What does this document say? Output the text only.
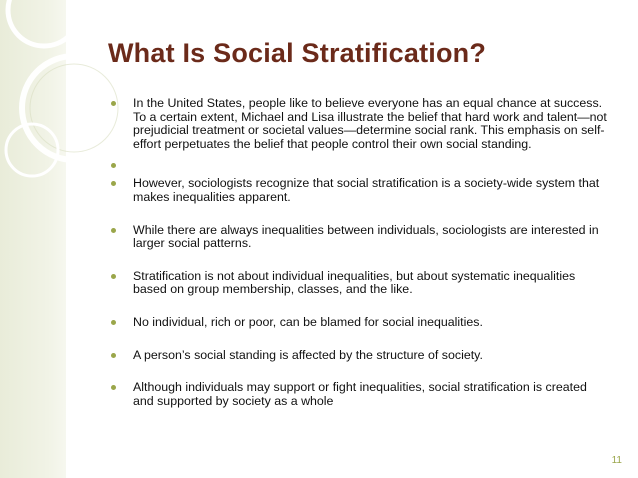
What Is Social Stratification?
In the United States, people like to believe everyone has an equal chance at success. To a certain extent, Michael and Lisa illustrate the belief that hard work and talent—not prejudicial treatment or societal values—determine social rank. This emphasis on self-effort perpetuates the belief that people control their own social standing.
However, sociologists recognize that social stratification is a society-wide system that makes inequalities apparent.
While there are always inequalities between individuals, sociologists are interested in larger social patterns.
Stratification is not about individual inequalities, but about systematic inequalities based on group membership, classes, and the like.
No individual, rich or poor, can be blamed for social inequalities.
A person’s social standing is affected by the structure of society.
Although individuals may support or fight inequalities, social stratification is created and supported by society as a whole
11
